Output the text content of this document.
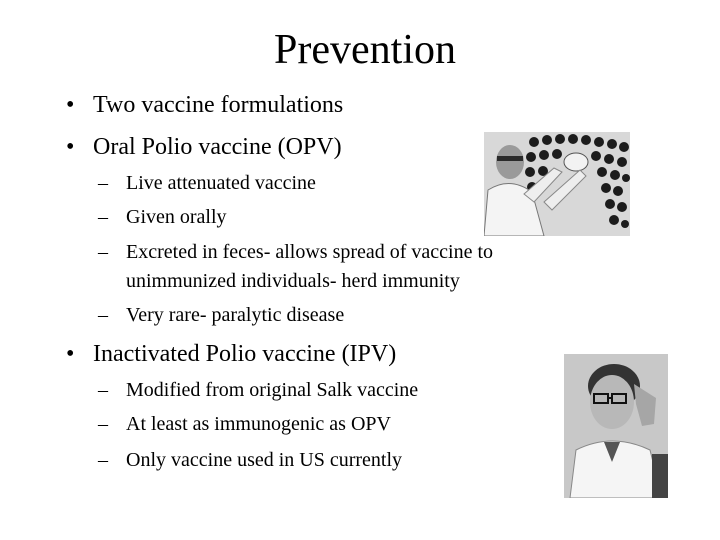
Prevention
• Two vaccine formulations
• Oral Polio vaccine (OPV)
– Live attenuated vaccine
– Given orally
– Excreted in feces- allows spread of vaccine to
unimmunized individuals- herd immunity
– Very rare- paralytic disease
• Inactivated Polio vaccine (IPV)
– Modified from original Salk vaccine
– At least as immunogenic as OPV
– Only vaccine used in US currently
